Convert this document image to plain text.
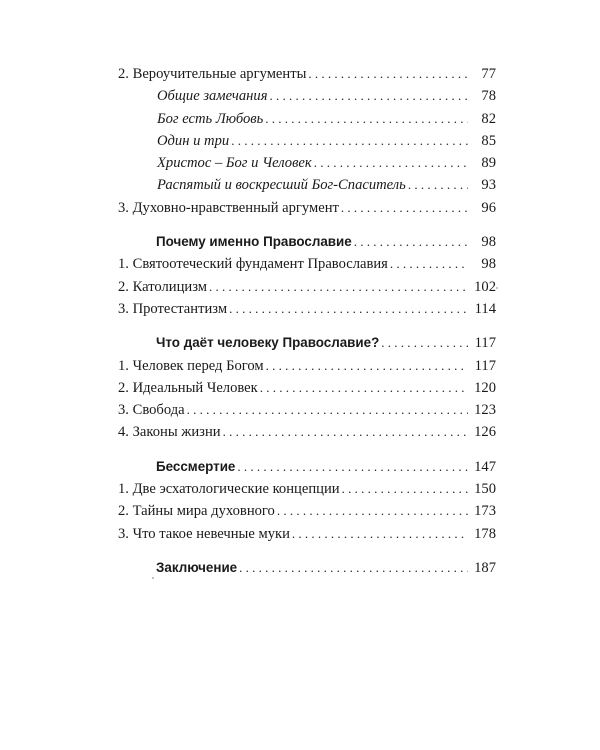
2. Вероучительные аргументы . . .	77
Общие замечания . . .	78
Бог есть Любовь . . .	82
Один и три . . .	85
Христос – Бог и Человек . . .	89
Распятый и воскресший Бог-Спаситель . . .	93
3. Духовно-нравственный аргумент . . .	96
Почему именно Православие . . .	98
1. Святоотеческий фундамент Православия . . .	98
2. Католицизм . . .	102
3. Протестантизм . . .	114
Что даёт человеку Православие? . . .	117
1. Человек перед Богом . . .	117
2. Идеальный Человек . . .	120
3. Свобода . . .	123
4. Законы жизни . . .	126
Бессмертие . . .	147
1. Две эсхатологические концепции . . .	150
2. Тайны мира духовного . . .	173
3. Что такое невечные муки . . .	178
Заключение . . .	187
